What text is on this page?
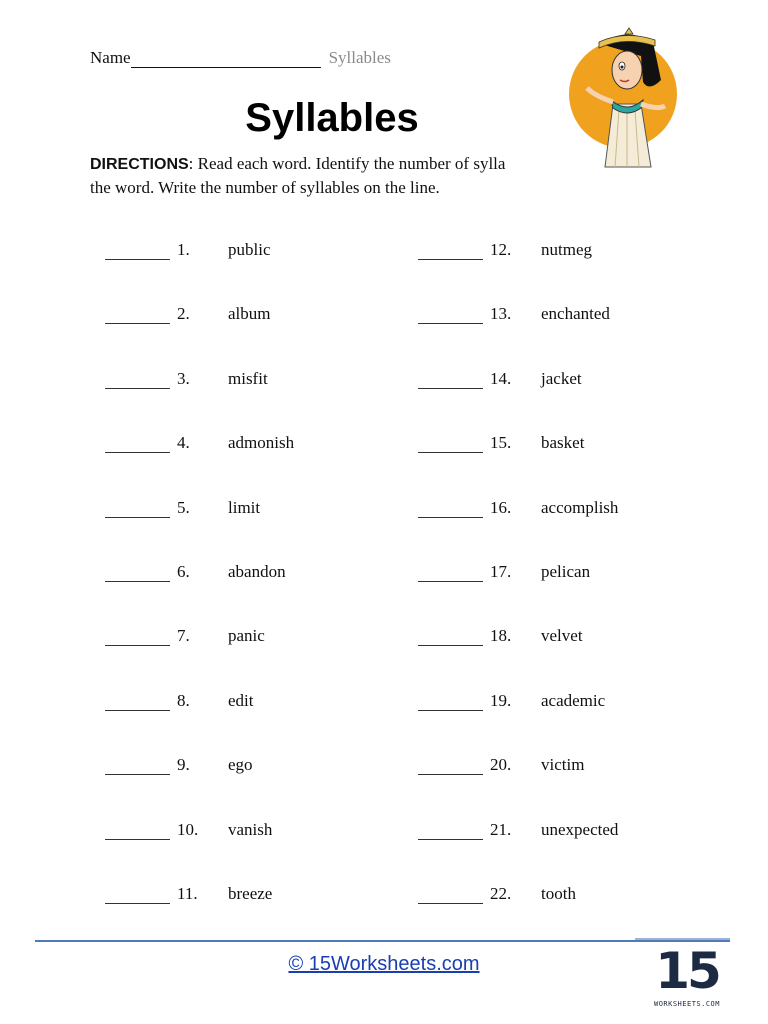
Name	Syllables
Syllables
DIRECTIONS: Read each word. Identify the number of sylla
the word. Write the number of syllables on the line.
1.	public
2.	album
3.	misfit
4.	admonish
5.	limit
6.	abandon
7.	panic
8.	edit
9.	ego
10.	vanish
11.	breeze
12.	nutmeg
13.	enchanted
14.	jacket
15.	basket
16.	accomplish
17.	pelican
18.	velvet
19.	academic
20.	victim
21.	unexpected
22.	tooth
© 15Worksheets.com	15
WORKSHEETS.COM
